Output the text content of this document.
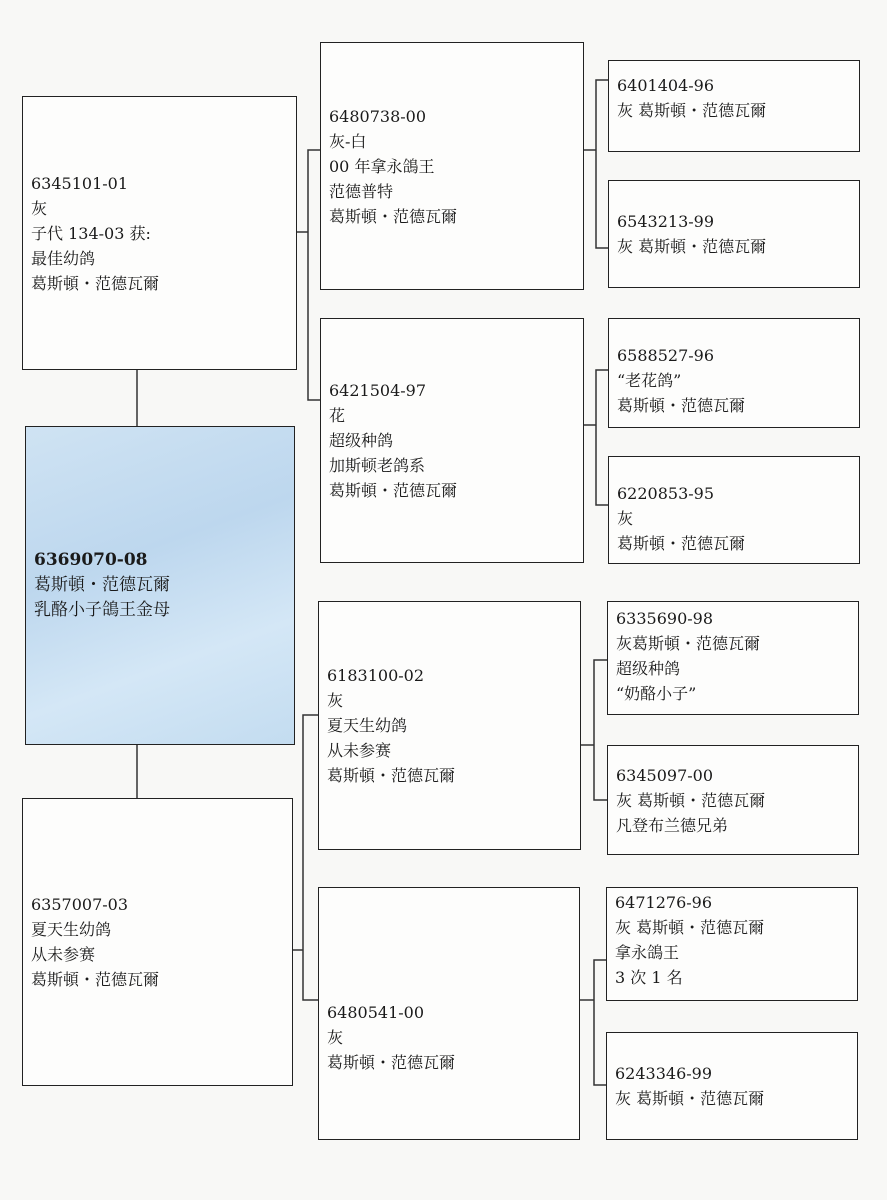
6369070-08
葛斯頓・范德瓦爾
乳酪小子鴿王金母
6345101-01
灰
子代 134-03 获:
最佳幼鸽
葛斯頓・范德瓦爾
6357007-03
夏天生幼鸽
从未参赛
葛斯頓・范德瓦爾
6480738-00
灰-白
00 年拿永鴿王
范德普特
葛斯頓・范德瓦爾
6421504-97
花
超级种鸽
加斯顿老鸽系
葛斯頓・范德瓦爾
6183100-02
灰
夏天生幼鸽
从未参赛
葛斯頓・范德瓦爾
6480541-00
灰
葛斯頓・范德瓦爾
6401404-96
灰 葛斯頓・范德瓦爾
6543213-99
灰 葛斯頓・范德瓦爾
6588527-96
“老花鸽”
葛斯頓・范德瓦爾
6220853-95
灰
葛斯頓・范德瓦爾
6335690-98
灰葛斯頓・范德瓦爾
超级种鸽
“奶酪小子”
6345097-00
灰 葛斯頓・范德瓦爾
凡登布兰德兄弟
6471276-96
灰 葛斯頓・范德瓦爾
拿永鴿王
3 次 1 名
6243346-99
灰 葛斯頓・范德瓦爾
